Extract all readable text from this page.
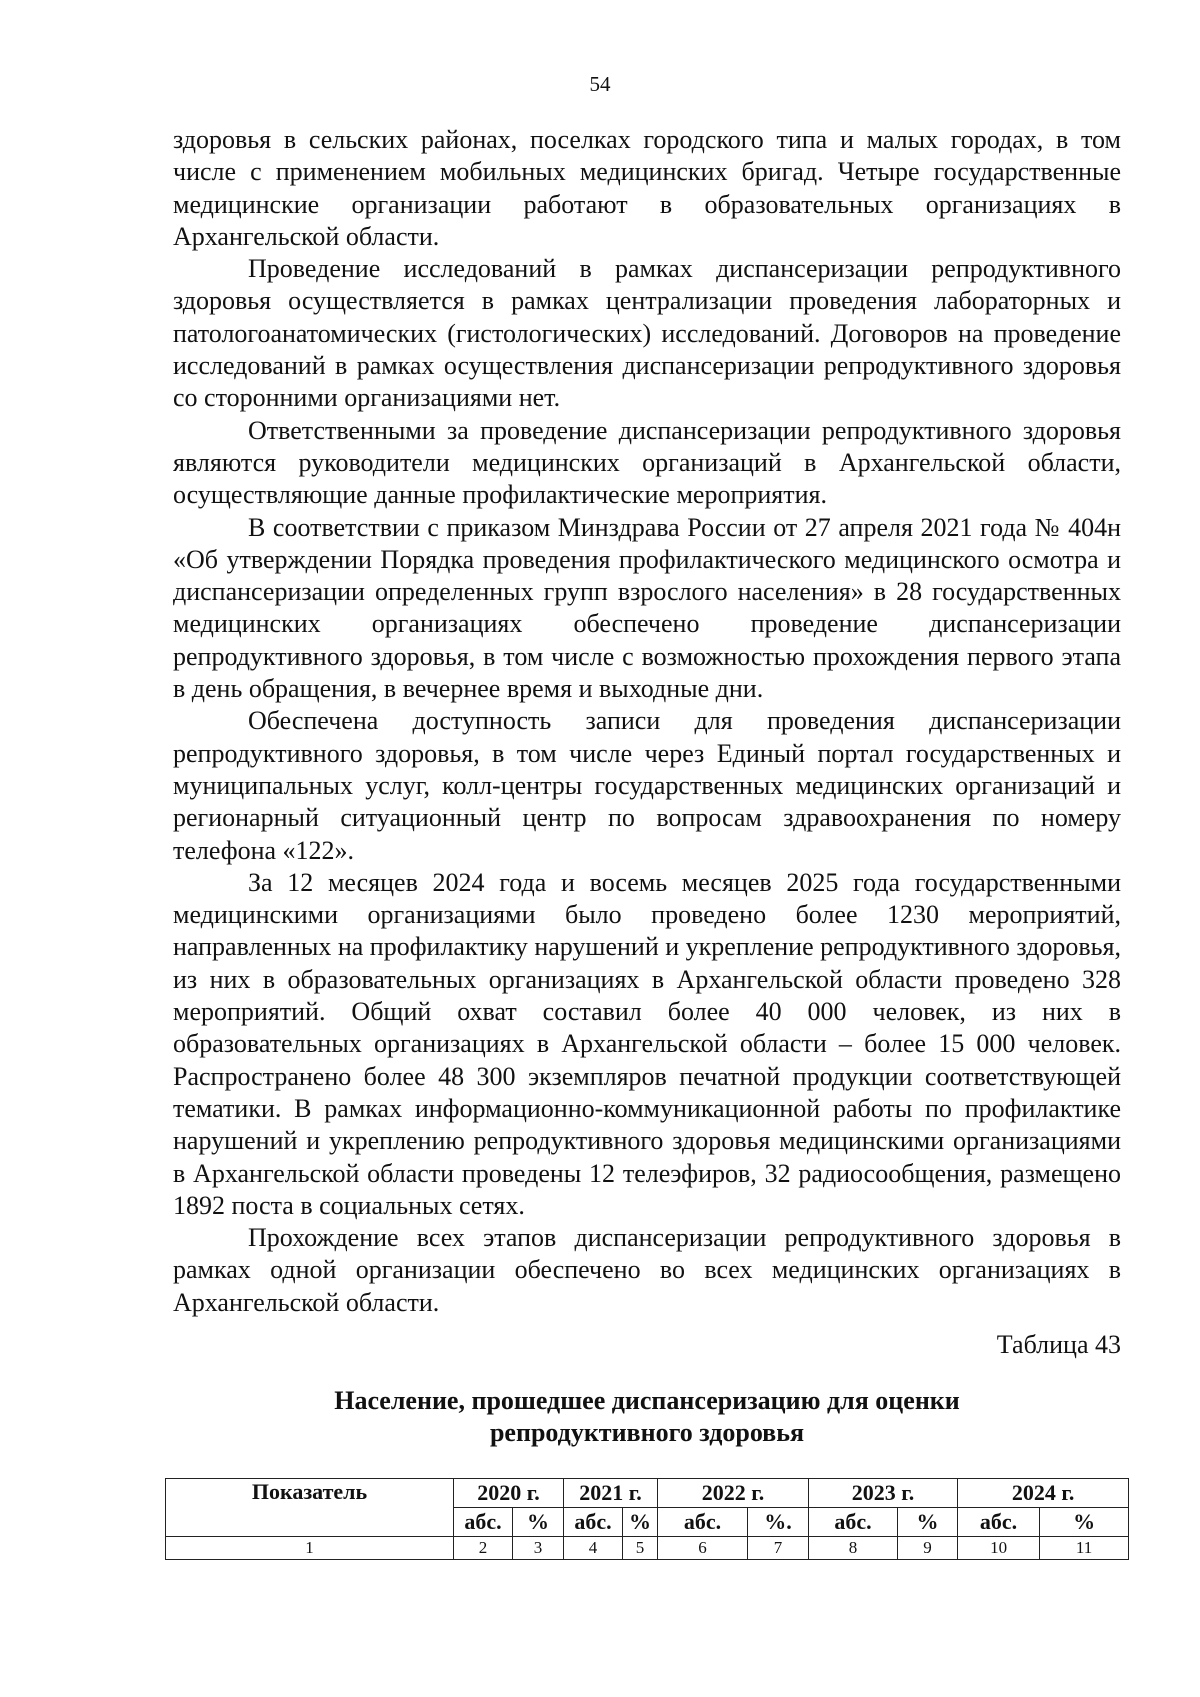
54

здоровья в сельских районах, поселках городского типа и малых городах, в том числе с применением мобильных медицинских бригад. Четыре государственные медицинские организации работают в образовательных организациях в Архангельской области.

Проведение исследований в рамках диспансеризации репродуктивного здоровья осуществляется в рамках централизации проведения лабораторных и патологоанатомических (гистологических) исследований. Договоров на проведение исследований в рамках осуществления диспансеризации репродуктивного здоровья со сторонними организациями нет.

Ответственными за проведение диспансеризации репродуктивного здоровья являются руководители медицинских организаций в Архангельской области, осуществляющие данные профилактические мероприятия.

В соответствии с приказом Минздрава России от 27 апреля 2021 года № 404н «Об утверждении Порядка проведения профилактического медицинского осмотра и диспансеризации определенных групп взрослого населения» в 28 государственных медицинских организациях обеспечено проведение диспансеризации репродуктивного здоровья, в том числе с возможностью прохождения первого этапа в день обращения, в вечернее время и выходные дни.

Обеспечена доступность записи для проведения диспансеризации репродуктивного здоровья, в том числе через Единый портал государственных и муниципальных услуг, колл-центры государственных медицинских организаций и регионарный ситуационный центр по вопросам здравоохранения по номеру телефона «122».

За 12 месяцев 2024 года и восемь месяцев 2025 года государственными медицинскими организациями было проведено более 1230 мероприятий, направленных на профилактику нарушений и укрепление репродуктивного здоровья, из них в образовательных организациях в Архангельской области проведено 328 мероприятий. Общий охват составил более 40 000 человек, из них в образовательных организациях в Архангельской области – более 15 000 человек. Распространено более 48 300 экземпляров печатной продукции соответствующей тематики. В рамках информационно-коммуникационной работы по профилактике нарушений и укреплению репродуктивного здоровья медицинскими организациями в Архангельской области проведены 12 телеэфиров, 32 радиосообщения, размещено 1892 поста в социальных сетях.

Прохождение всех этапов диспансеризации репродуктивного здоровья в рамках одной организации обеспечено во всех медицинских организациях в Архангельской области.

Таблица 43
Население, прошедшее диспансеризацию для оценки
репродуктивного здоровья
Показатель	2020 г.		2021 г.		2022 г.		2023 г.		2024 г.	
	абс.	%	абс.	%	абс.	%.	абс.	%	абс.	%
1	2	3	4	5	6	7	8	9	10	11
